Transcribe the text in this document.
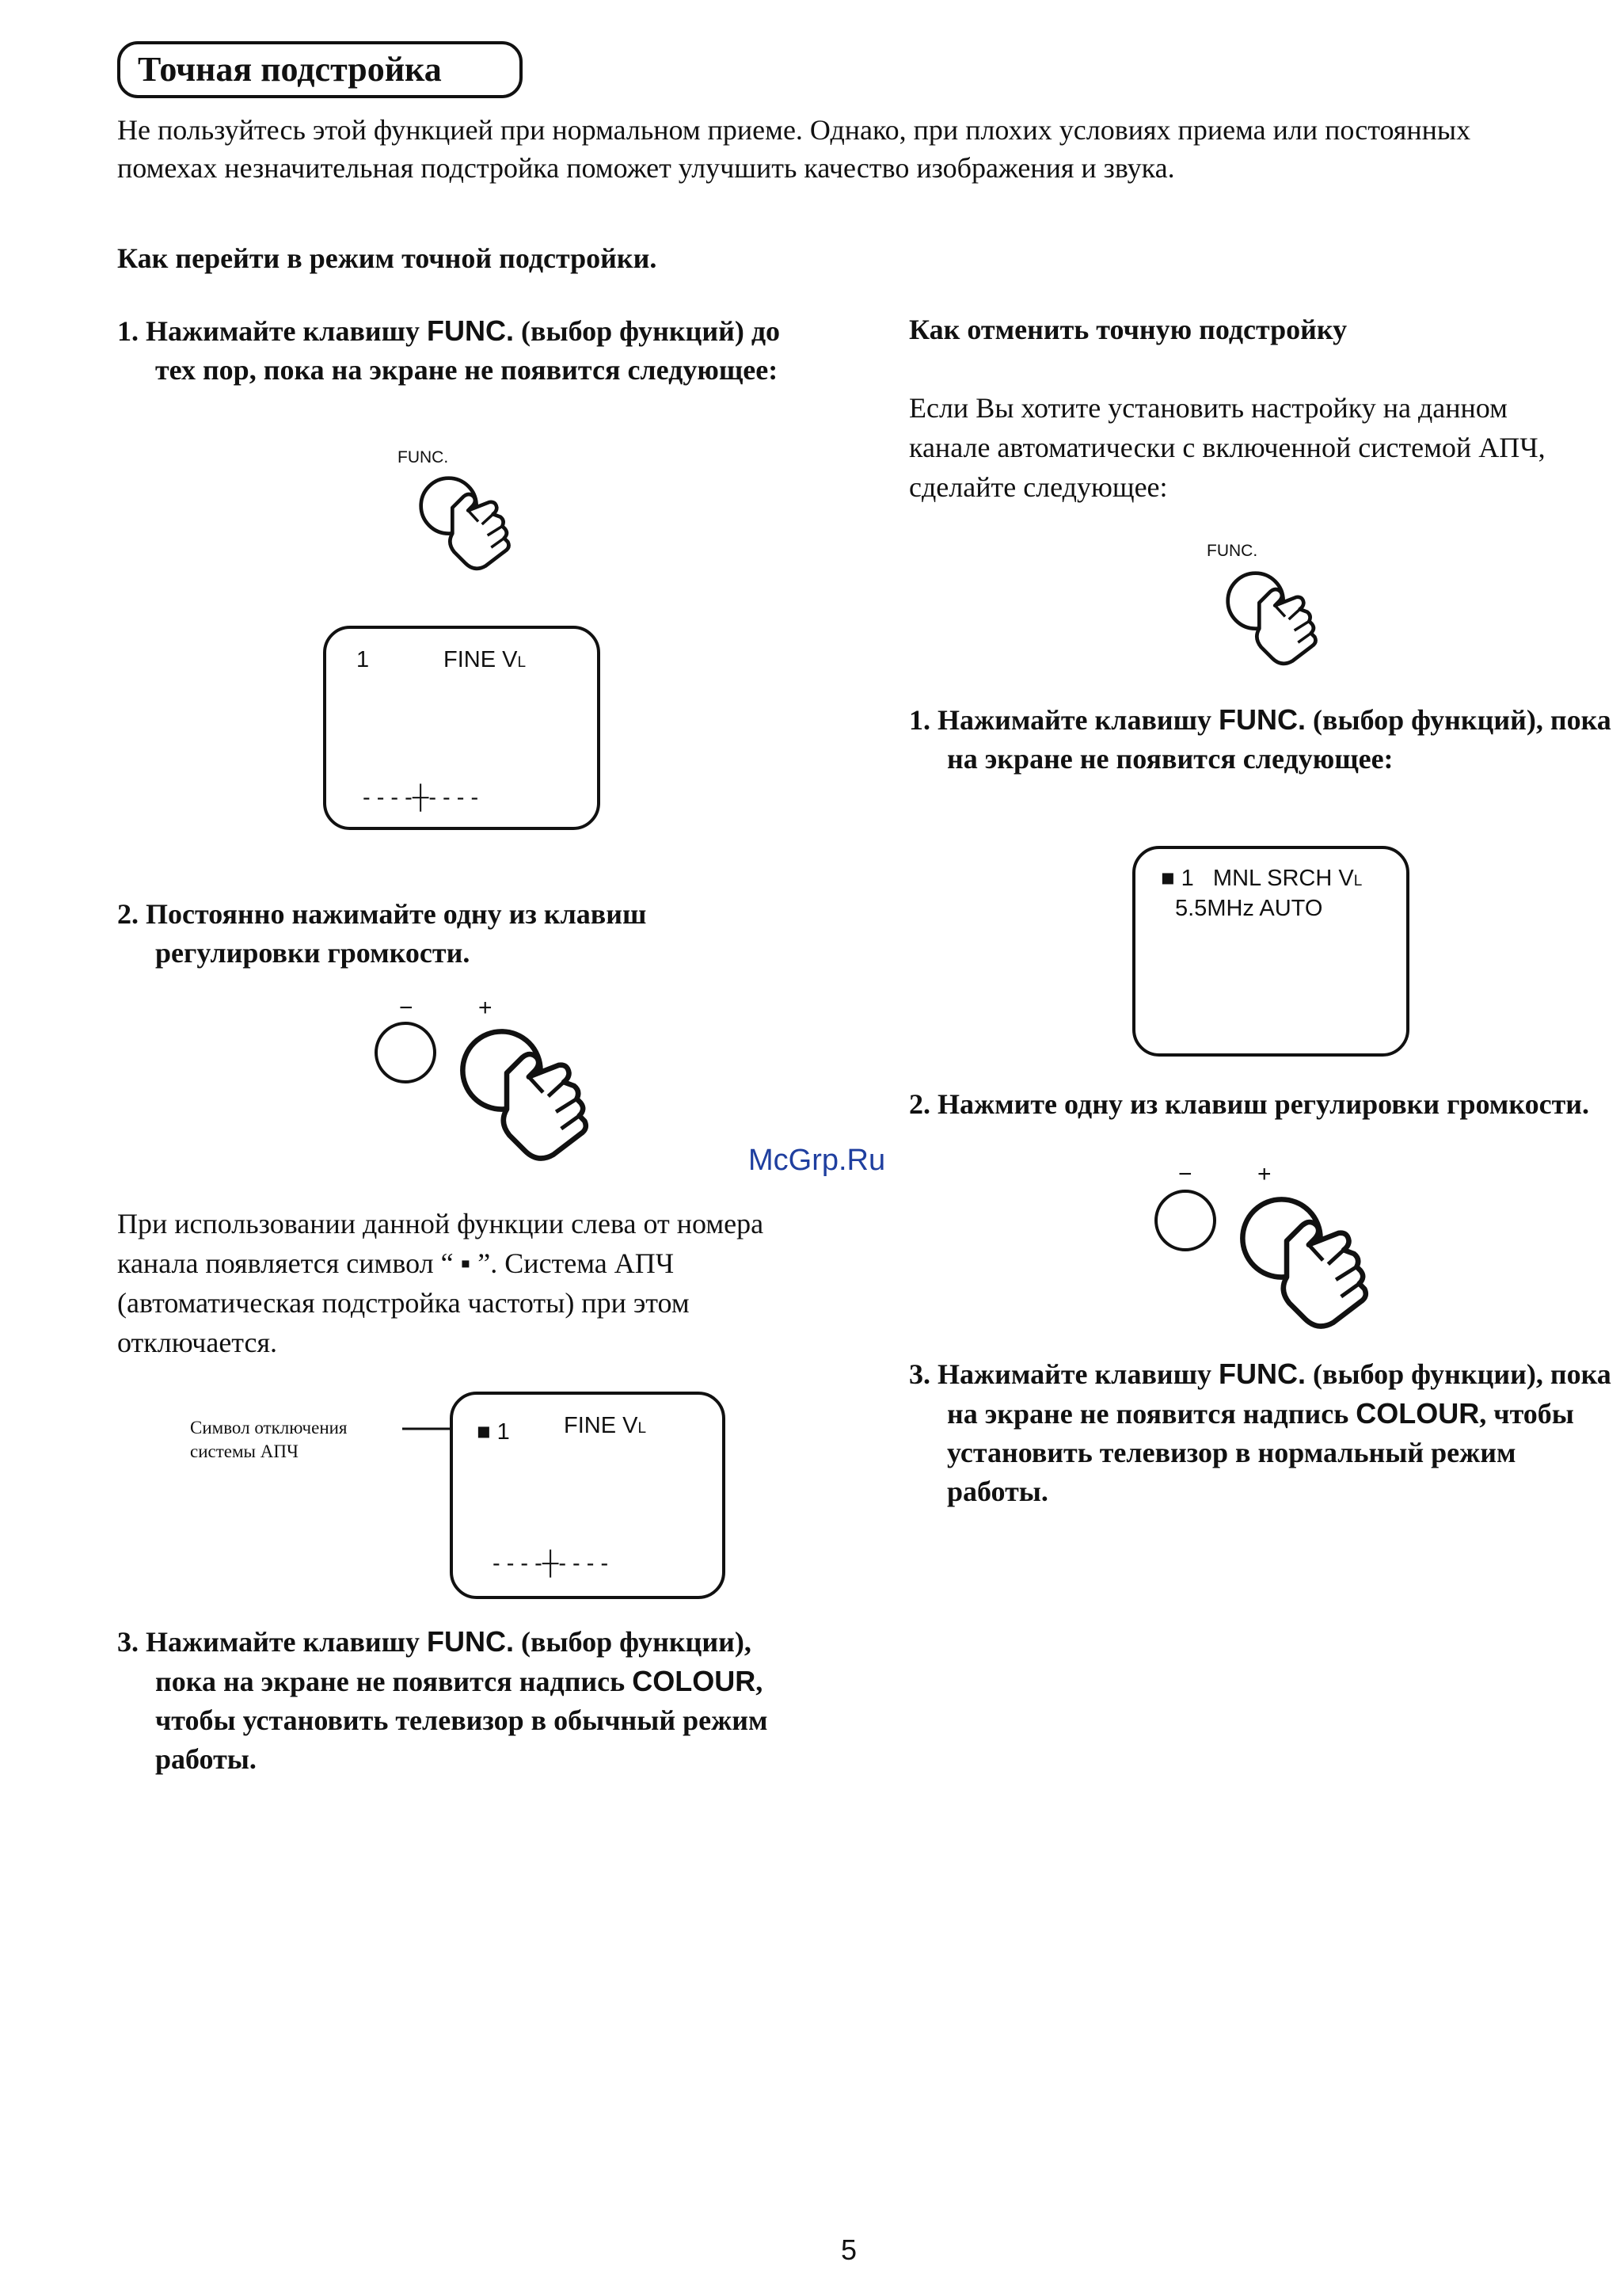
Точная подстройка
Не пользуйтесь этой функцией при нормальном приеме. Однако, при плохих условиях приема или постоянных помехах незначительная подстройка поможет улучшить качество изображения и звука.
Как перейти в режим точной подстройки.
1. Нажимайте клавишу FUNC. (выбор функций) до тех пор, пока на экране не появится следующее:
FUNC.
1	FINE VL
- - - -┼- - - -
2. Постоянно нажимайте одну из клавиш регулировки громкости.
−	+
При использовании данной функции слева от номера канала появляется символ “ ▪ ”. Система АПЧ (автоматическая подстройка частоты) при этом отключается.
Символ отключения системы АПЧ
■ 1 FINE VL
- - - -┼- - - -
3. Нажимайте клавишу FUNC. (выбор функции), пока на экране не появится надпись COLOUR, чтобы установить телевизор в обычный режим работы.
Как отменить точную подстройку
Если Вы хотите установить настройку на данном канале автоматически с включенной системой АПЧ, сделайте следующее:
FUNC.
1. Нажимайте клавишу FUNC. (выбор функций), пока на экране не появится следующее:
■ 1 MNL SRCH VL
5.5MHz AUTO
2. Нажмите одну из клавиш регулировки громкости.
−	+
3. Нажимайте клавишу FUNC. (выбор функции), пока на экране не появится надпись COLOUR, чтобы установить телевизор в нормальный режим работы.
McGrp.Ru
5
